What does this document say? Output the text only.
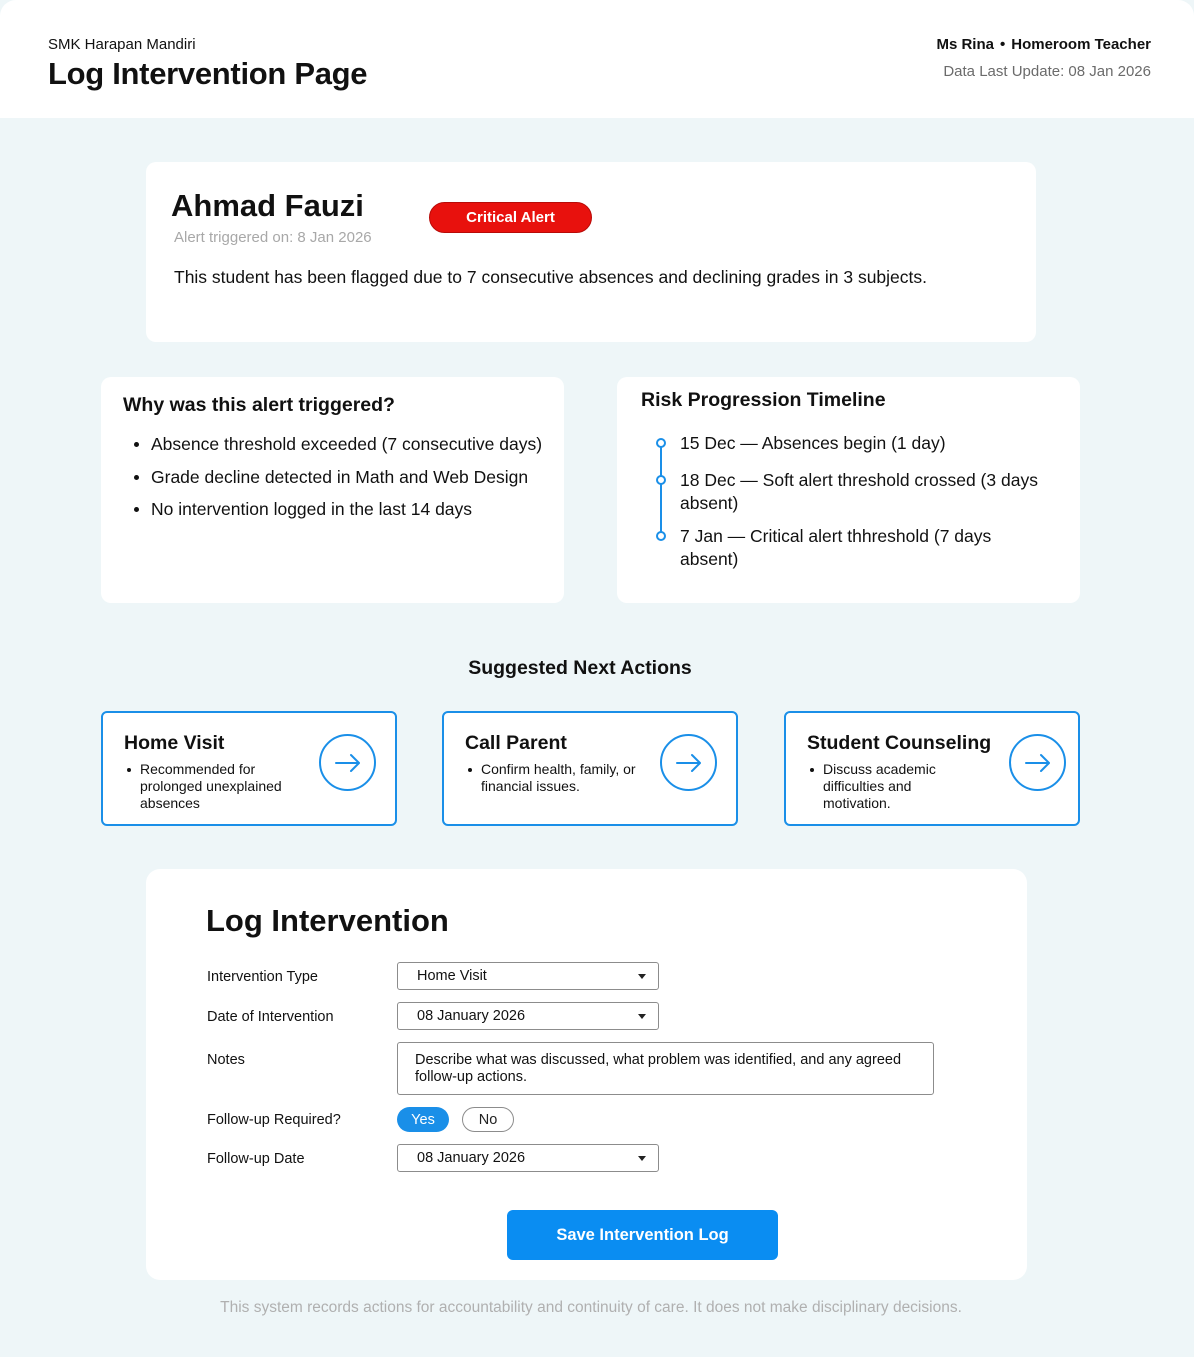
SMK Harapan Mandiri
Log Intervention Page
Ms Rina • Homeroom Teacher
Data Last Update: 08 Jan 2026
Ahmad Fauzi	Critical Alert
Alert triggered on: 8 Jan 2026
This student has been flagged due to 7 consecutive absences and declining grades in 3 subjects.
Why was this alert triggered?
Absence threshold exceeded (7 consecutive days)
Grade decline detected in Math and Web Design
No intervention logged in the last 14 days
Risk Progression Timeline
15 Dec — Absences begin (1 day)
18 Dec — Soft alert threshold crossed (3 days absent)
7 Jan — Critical alert thhreshold (7 days absent)
Suggested Next Actions
Home Visit
Recommended for prolonged unexplained absences
Call Parent
Confirm health, family, or financial issues.
Student Counseling
Discuss academic difficulties and motivation.
Log Intervention
Intervention Type	Home Visit
Date of Intervention	08 January 2026
Notes	Describe what was discussed, what problem was identified, and any agreed follow-up actions.
Follow-up Required?	Yes	No
Follow-up Date	08 January 2026
Save Intervention Log
This system records actions for accountability and continuity of care. It does not make disciplinary decisions.
